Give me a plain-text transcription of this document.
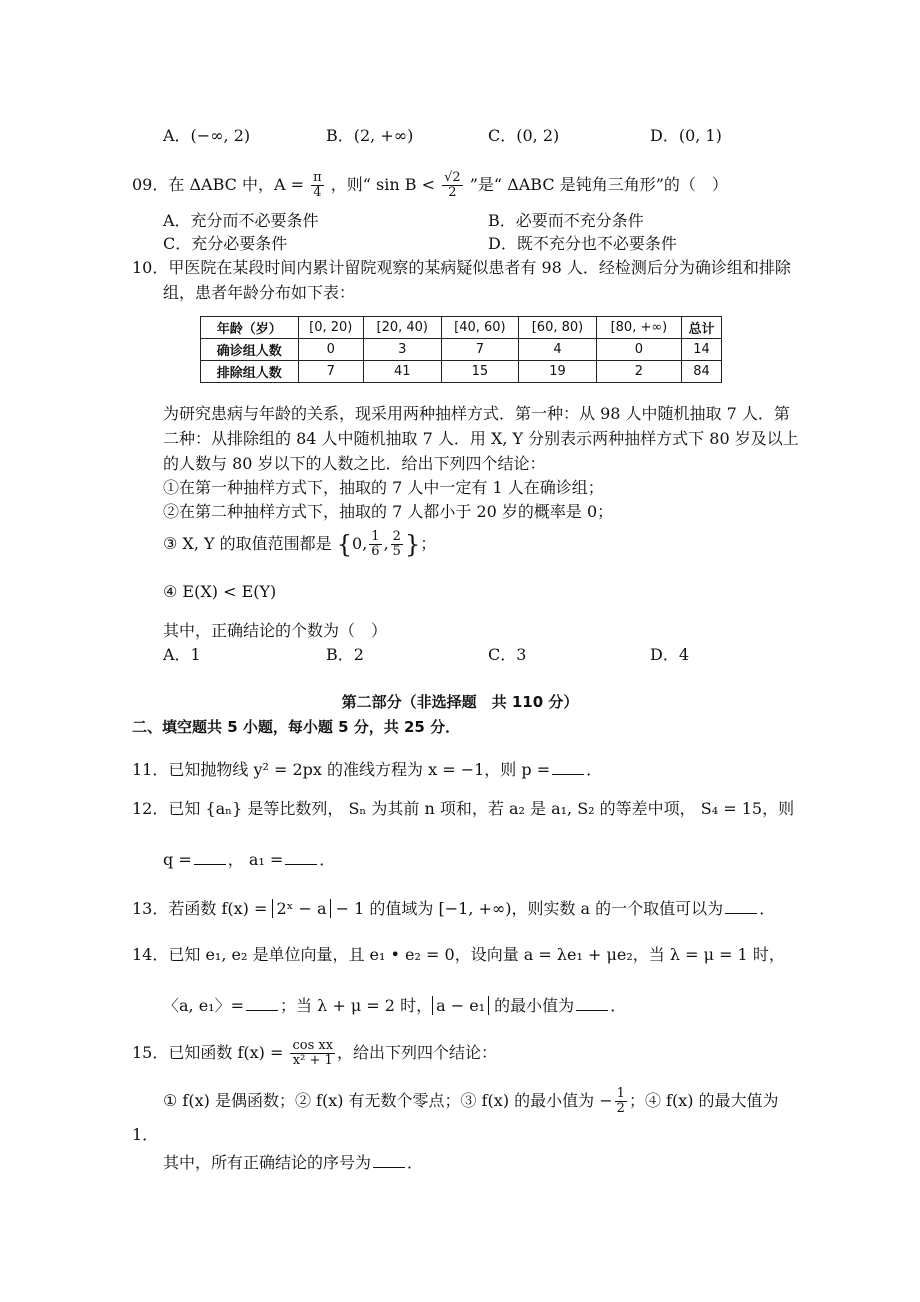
A．(−∞, 2)	B．(2, +∞)	C．(0, 2)	D．(0, 1)
09．在 ΔABC 中，$A = \frac{\pi}{4}$ ，则“ $\sin B < \frac{√2}{2}$ ”是“ ΔABC 是钝角三角形”的（　）
A．充分而不必要条件	B．必要而不充分条件
C．充分必要条件	D．既不充分也不必要条件
10．甲医院在某段时间内累计留院观察的某病疑似患者有 98 人．经检测后分为确诊组和排除
组，患者年龄分布如下表：
年龄（岁）	[0, 20)	[20, 40)	[40, 60)	[60, 80)	[80, +∞)	总计
确诊组人数	0	3	7	4	0	14
排除组人数	7	41	15	19	2	84
为研究患病与年龄的关系，现采用两种抽样方式．第一种：从 98 人中随机抽取 7 人．第
二种：从排除组的 84 人中随机抽取 7 人．用 X, Y 分别表示两种抽样方式下 80 岁及以上
的人数与 80 岁以下的人数之比．给出下列四个结论：
①在第一种抽样方式下，抽取的 7 人中一定有 1 人在确诊组；
②在第二种抽样方式下，抽取的 7 人都小于 20 岁的概率是 0；
③ X, Y 的取值范围都是 {0, $\frac{1}{6}$ , $\frac{2}{5}$ }；
④ E(X) < E(Y)
其中，正确结论的个数为（　）
A．1	B．2	C．3	D．4
第二部分（非选择题　共 110 分）
二、填空题共 5 小题，每小题 5 分，共 25 分．
11．已知抛物线 y² = 2px 的准线方程为 x = −1，则 p = ．
12．已知 {aₙ} 是等比数列， Sₙ 为其前 n 项和，若 a₂ 是 a₁, S₂ 的等差中项， S₄ = 15，则
q = ， a₁ = ．
13．若函数 f(x) = 2ˣ − a − 1 的值域为 [−1, +∞)，则实数 a 的一个取值可以为 ．
14．已知 e₁, e₂ 是单位向量，且 e₁ • e₂ = 0，设向量 a = λe₁ + μe₂，当 λ = μ = 1 时，
〈a, e₁〉= ；当 λ + μ = 2 时， a − e₁ 的最小值为 ．
15．已知函数 $f(x) = \frac{\text{cos xx}}{\text{x² + 1}}$ ，给出下列四个结论：
① f(x) 是偶函数；② f(x) 有无数个零点；③ f(x) 的最小值为 − $\frac{1}{2}$ ；④ f(x) 的最大值为
1．
其中，所有正确结论的序号为 ．
